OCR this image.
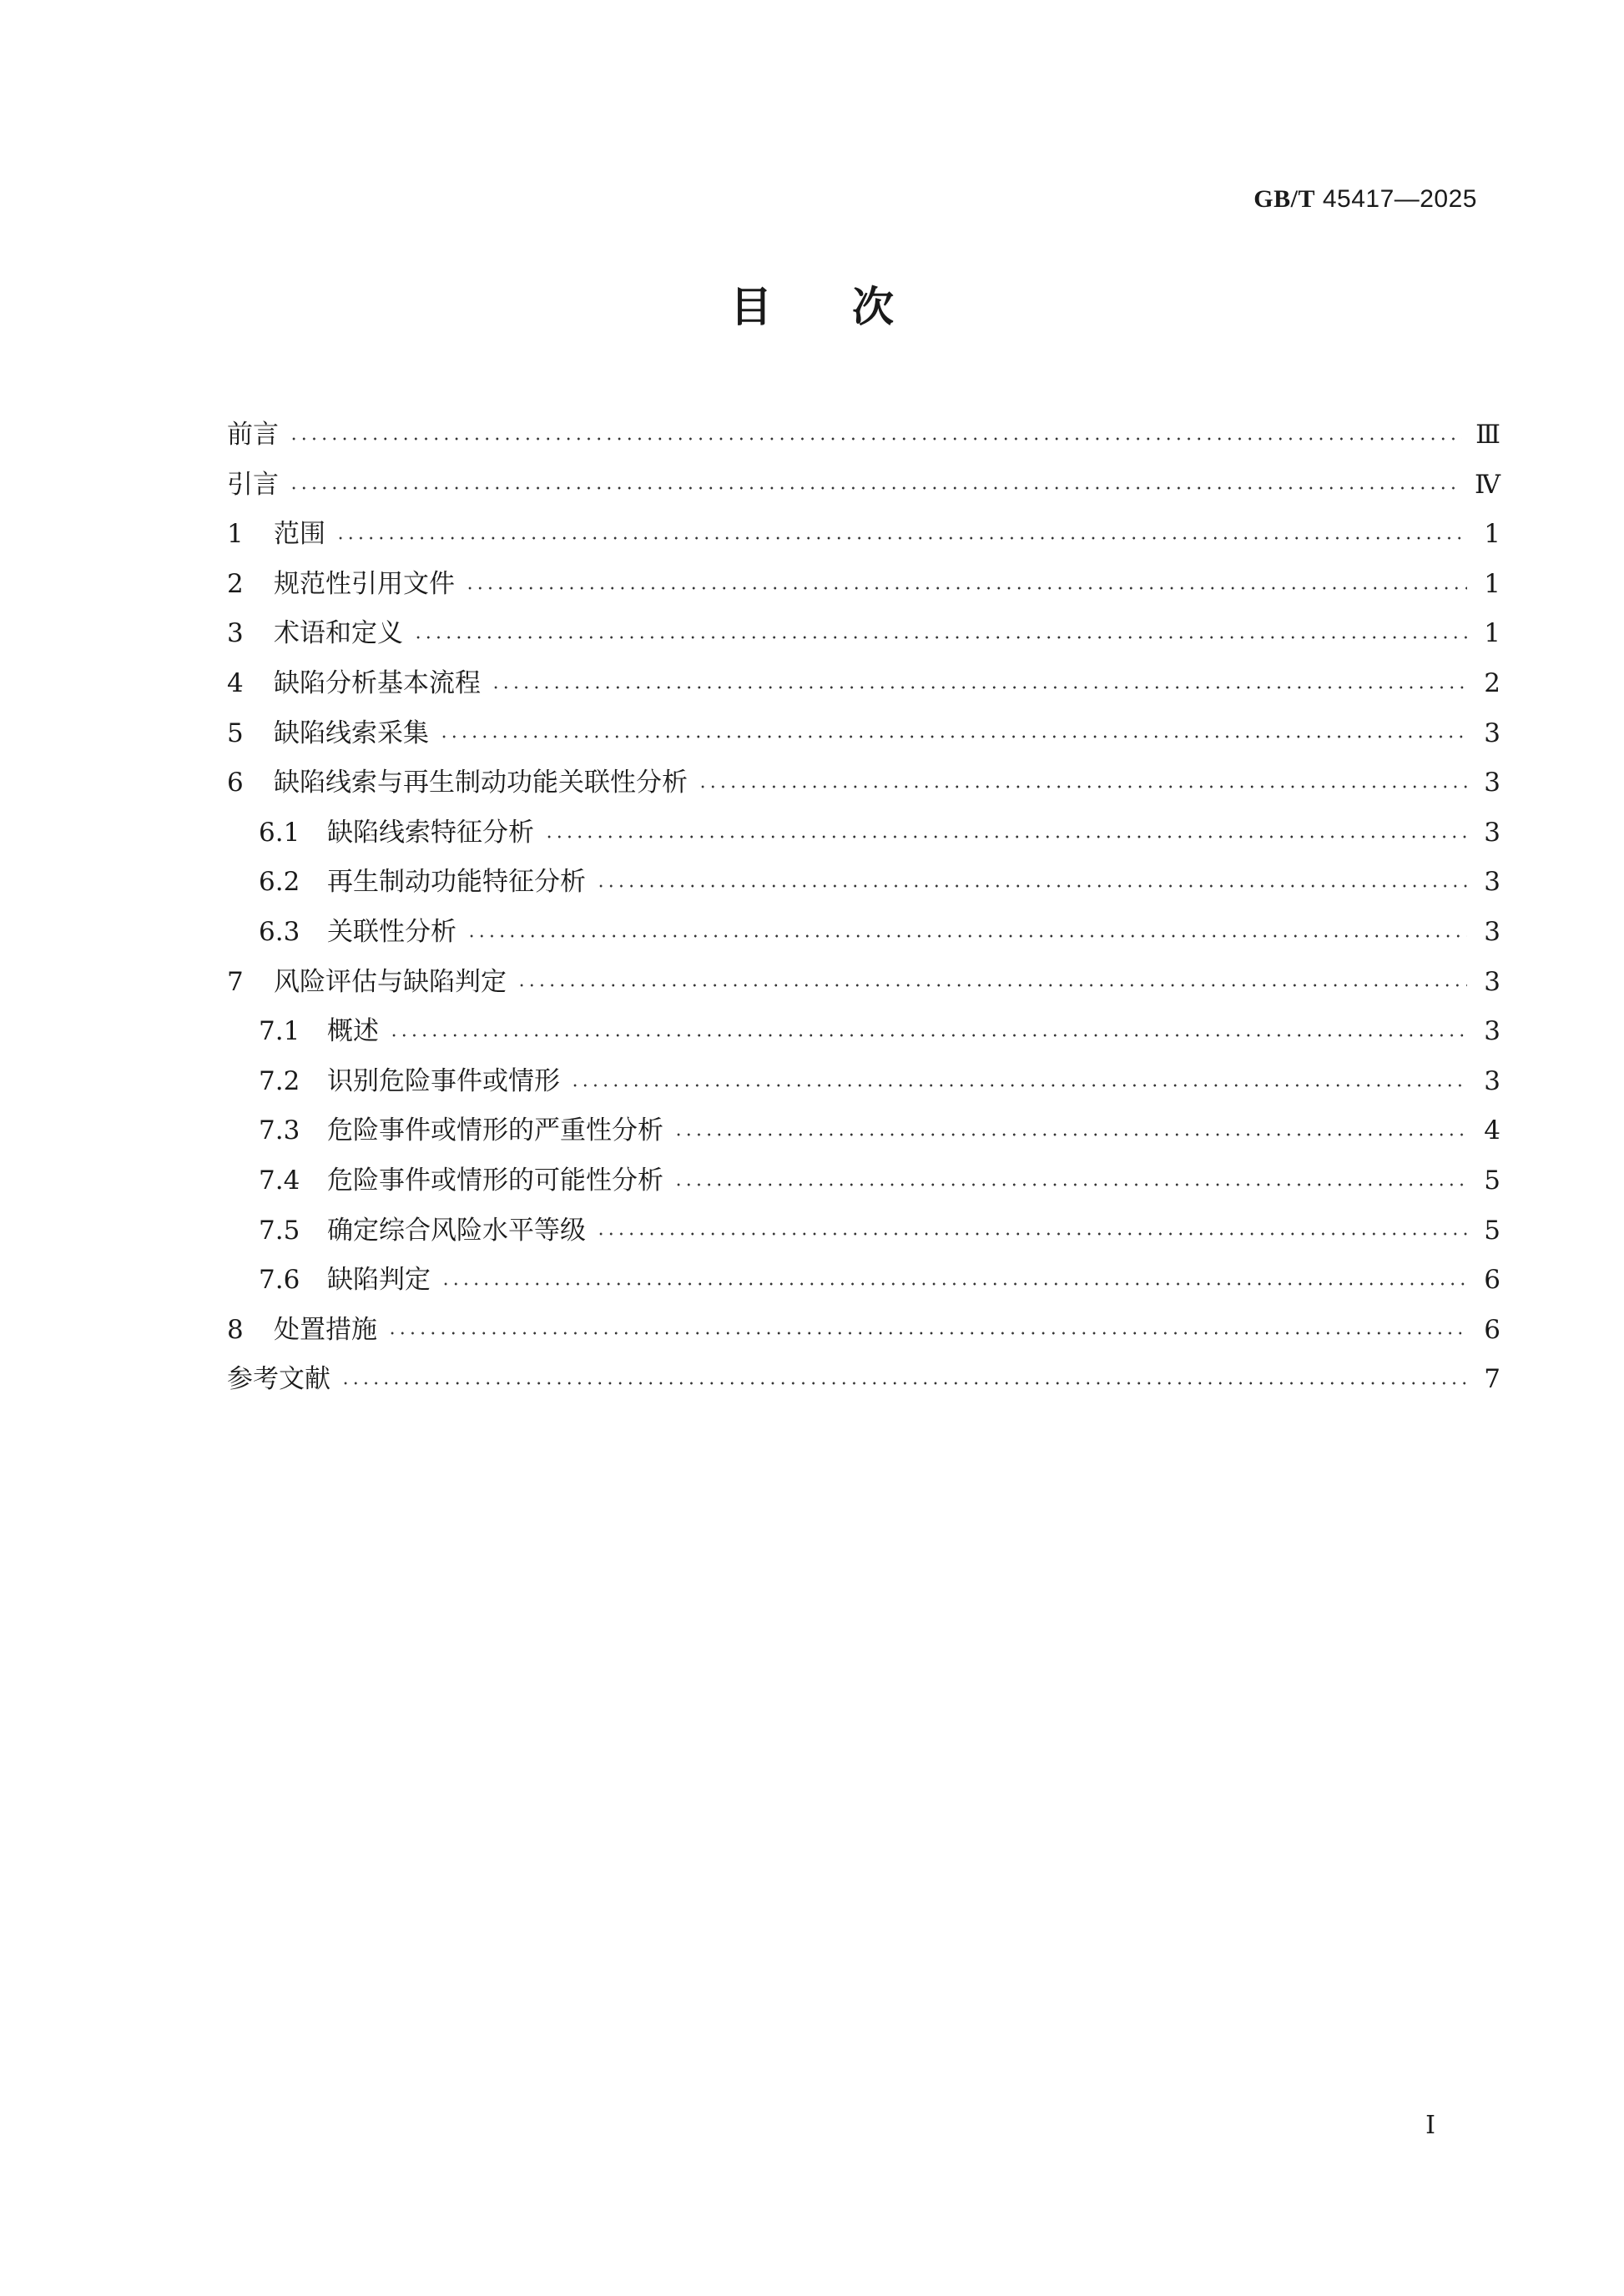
GB/T 45417—2025
目 次
前言	Ⅲ
引言	Ⅳ
1	范围	1
2	规范性引用文件	1
3	术语和定义	1
4	缺陷分析基本流程	2
5	缺陷线索采集	3
6	缺陷线索与再生制动功能关联性分析	3
6.1	缺陷线索特征分析	3
6.2	再生制动功能特征分析	3
6.3	关联性分析	3
7	风险评估与缺陷判定	3
7.1	概述	3
7.2	识别危险事件或情形	3
7.3	危险事件或情形的严重性分析	4
7.4	危险事件或情形的可能性分析	5
7.5	确定综合风险水平等级	5
7.6	缺陷判定	6
8	处置措施	6
参考文献	7
Ⅰ
